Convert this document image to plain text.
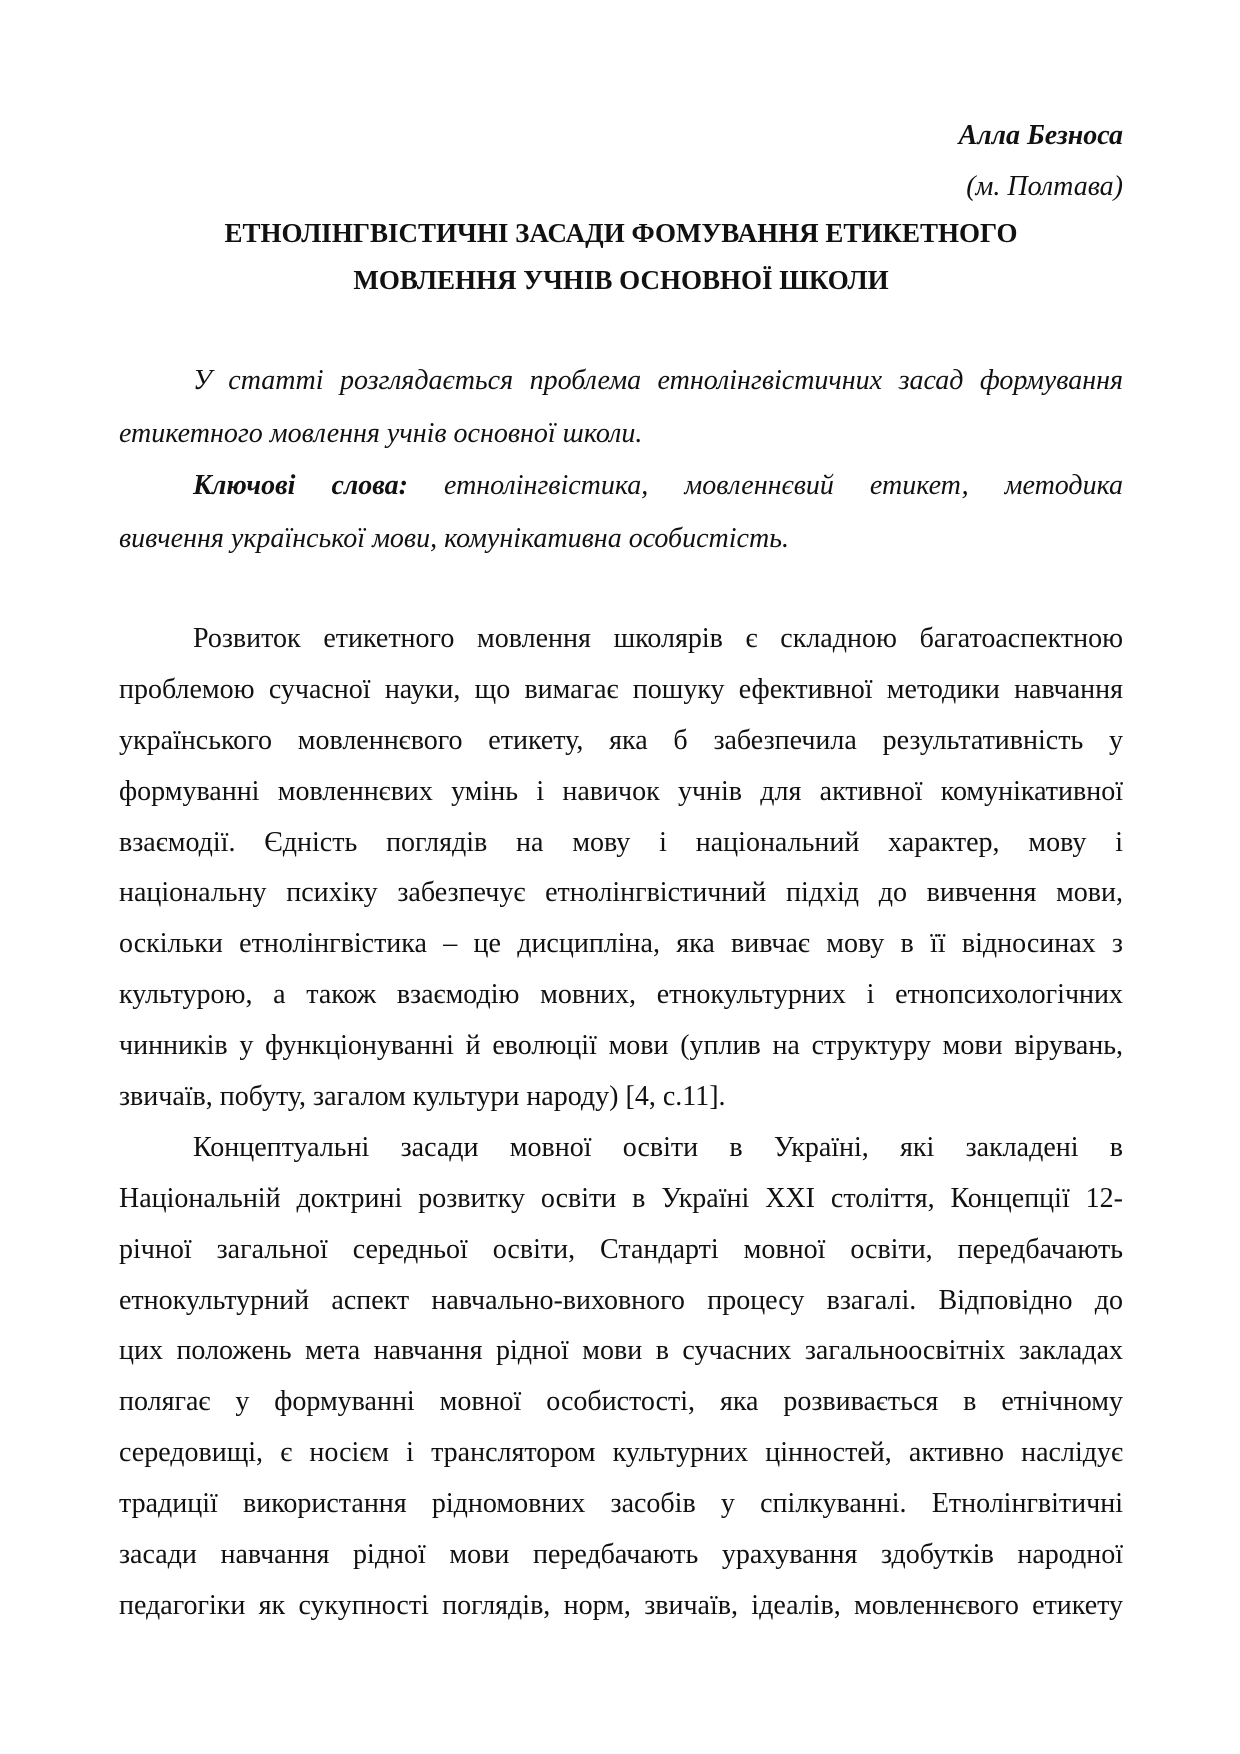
Алла Безноса
(м. Полтава)
ЕТНОЛІНГВІСТИЧНІ ЗАСАДИ ФОМУВАННЯ ЕТИКЕТНОГО
МОВЛЕННЯ УЧНІВ ОСНОВНОЇ ШКОЛИ
У статті розглядається проблема етнолінгвістичних засад формування
етикетного мовлення учнів основної школи.
Ключові слова: етнолінгвістика, мовленнєвий етикет, методика
вивчення української мови, комунікативна особистість.
Розвиток етикетного мовлення школярів є складною багатоаспектною
проблемою сучасної науки, що вимагає пошуку ефективної методики навчання
українського мовленнєвого етикету, яка б забезпечила результативність у
формуванні мовленнєвих умінь і навичок учнів для активної комунікативної
взаємодії. Єдність поглядів на мову і національний характер, мову і
національну психіку забезпечує етнолінгвістичний підхід до вивчення мови,
оскільки етнолінгвістика – це дисципліна, яка вивчає мову в її відносинах з
культурою, а також взаємодію мовних, етнокультурних і етнопсихологічних
чинників у функціонуванні й еволюції мови (уплив на структуру мови вірувань,
звичаїв, побуту, загалом культури народу) [4, с.11].
Концептуальні засади мовної освіти в Україні, які закладені в
Національній доктрині розвитку освіти в Україні XXI століття, Концепції 12-
річної загальної середньої освіти, Стандарті мовної освіти, передбачають
етнокультурний аспект навчально-виховного процесу взагалі. Відповідно до
цих положень мета навчання рідної мови в сучасних загальноосвітніх закладах
полягає у формуванні мовної особистості, яка розвивається в етнічному
середовищі, є носієм і транслятором культурних цінностей, активно наслідує
традиції використання рідномовних засобів у спілкуванні. Етнолінгвітичні
засади навчання рідної мови передбачають урахування здобутків народної
педагогіки як сукупності поглядів, норм, звичаїв, ідеалів, мовленнєвого етикету
